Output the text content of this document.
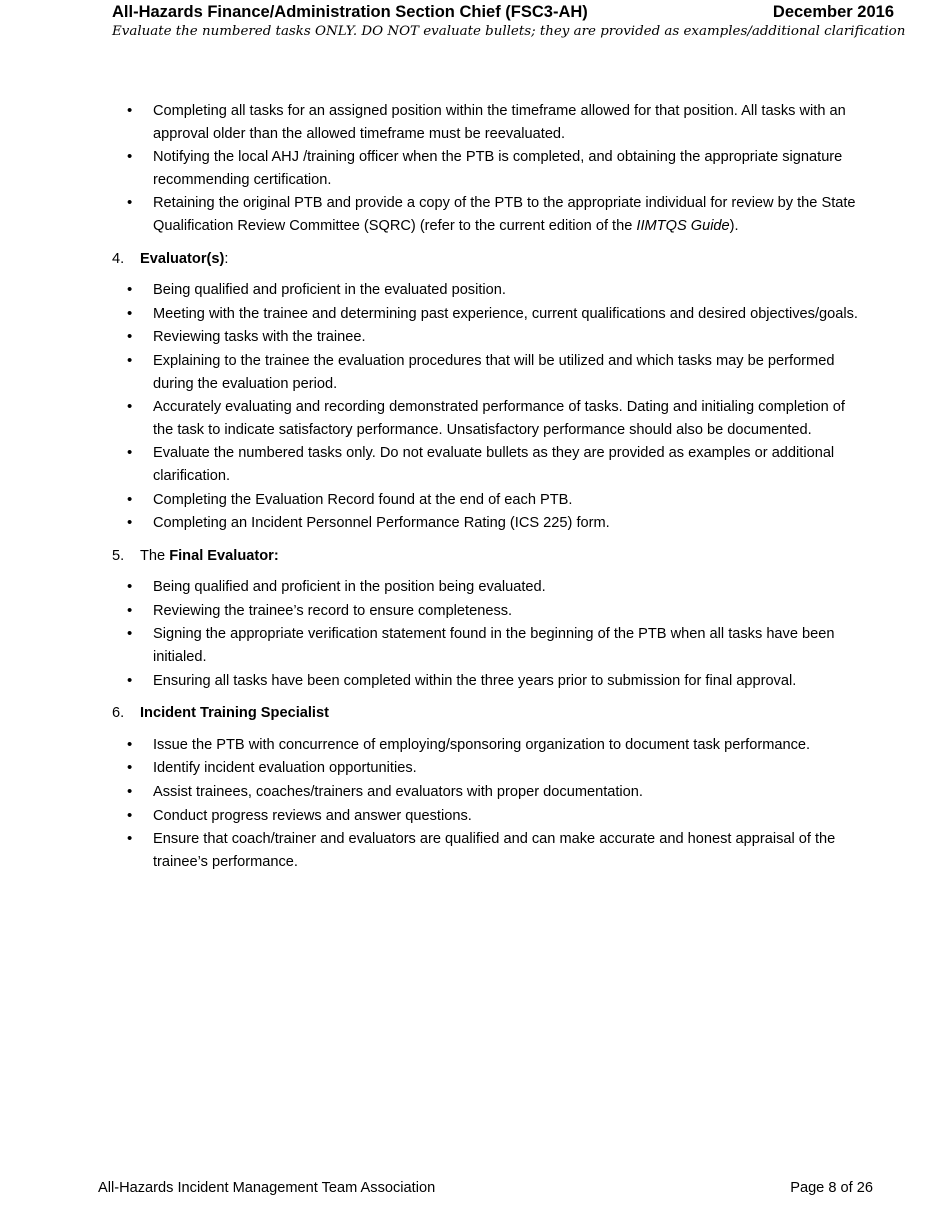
All-Hazards Finance/Administration Section Chief (FSC3-AH)	December 2016
Evaluate the numbered tasks ONLY. DO NOT evaluate bullets; they are provided as examples/additional clarification
• Completing all tasks for an assigned position within the timeframe allowed for that position. All tasks with an approval older than the allowed timeframe must be reevaluated.
• Notifying the local AHJ /training officer when the PTB is completed, and obtaining the appropriate signature recommending certification.
• Retaining the original PTB and provide a copy of the PTB to the appropriate individual for review by the State Qualification Review Committee (SQRC) (refer to the current edition of the IIMTQS Guide).
4.	Evaluator(s):
• Being qualified and proficient in the evaluated position.
• Meeting with the trainee and determining past experience, current qualifications and desired objectives/goals.
• Reviewing tasks with the trainee.
• Explaining to the trainee the evaluation procedures that will be utilized and which tasks may be performed during the evaluation period.
• Accurately evaluating and recording demonstrated performance of tasks. Dating and initialing completion of the task to indicate satisfactory performance. Unsatisfactory performance should also be documented.
• Evaluate the numbered tasks only. Do not evaluate bullets as they are provided as examples or additional clarification.
• Completing the Evaluation Record found at the end of each PTB.
• Completing an Incident Personnel Performance Rating (ICS 225) form.
5.	The Final Evaluator:
• Being qualified and proficient in the position being evaluated.
• Reviewing the trainee’s record to ensure completeness.
• Signing the appropriate verification statement found in the beginning of the PTB when all tasks have been initialed.
• Ensuring all tasks have been completed within the three years prior to submission for final approval.
6.	Incident Training Specialist
• Issue the PTB with concurrence of employing/sponsoring organization to document task performance.
• Identify incident evaluation opportunities.
• Assist trainees, coaches/trainers and evaluators with proper documentation.
• Conduct progress reviews and answer questions.
• Ensure that coach/trainer and evaluators are qualified and can make accurate and honest appraisal of the trainee’s performance.
All-Hazards Incident Management Team Association	Page 8 of 26
